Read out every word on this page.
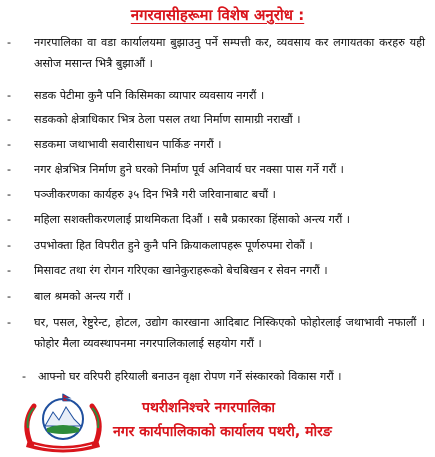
नगरवासीहरूमा विशेष अनुरोध :
- नगरपालिका वा वडा कार्यालयमा बुझाउनु पर्ने सम्पत्ती कर, व्यवसाय कर लगायतका करहरु यही असोज मसान्त भित्रै बुझाऔं ।
- सडक पेटीमा कुनै पनि किसिमका व्यापार व्यवसाय नगरौं ।
- सडकको क्षेत्राधिकार भित्र ठेला पसल तथा निर्माण सामाग्री नराखौं ।
- सडकमा जथाभावी सवारीसाधन पार्किङ नगरौं ।
- नगर क्षेत्रभित्र निर्माण हुने घरको निर्माण पूर्व अनिवार्य घर नक्सा पास गर्ने गरौं ।
- पञ्जीकरणका कार्यहरु ३५ दिन भित्रै गरी जरिवानाबाट बचौं ।
- महिला सशक्तीकरणलाई प्राथमिकता दिऔं । सबै प्रकारका हिंसाको अन्त्य गरौं ।
- उपभोक्ता हित विपरीत हुने कुनै पनि क्रियाकलापहरू पूर्णरुपमा रोकौं ।
- मिसावट तथा रंग रोगन गरिएका खानेकुराहरूको बेचबिखन र सेवन नगरौं ।
- बाल श्रमको अन्त्य गरौं ।
- घर, पसल, रेष्टुरेन्ट, होटल, उद्योग कारखाना आदिबाट निस्किएको फोहोरलाई जथाभावी नफालौं । फोहोर मैला व्यवस्थापनमा नगरपालिकालाई सहयोग गरौं ।
- आफ्नो घर वरिपरी हरियाली बनाउन वृक्षा रोपण गर्ने संस्कारको विकास गरौं ।
पथरीशनिश्चरे नगरपालिका
नगर कार्यपालिकाको कार्यालय पथरी, मोरङ
